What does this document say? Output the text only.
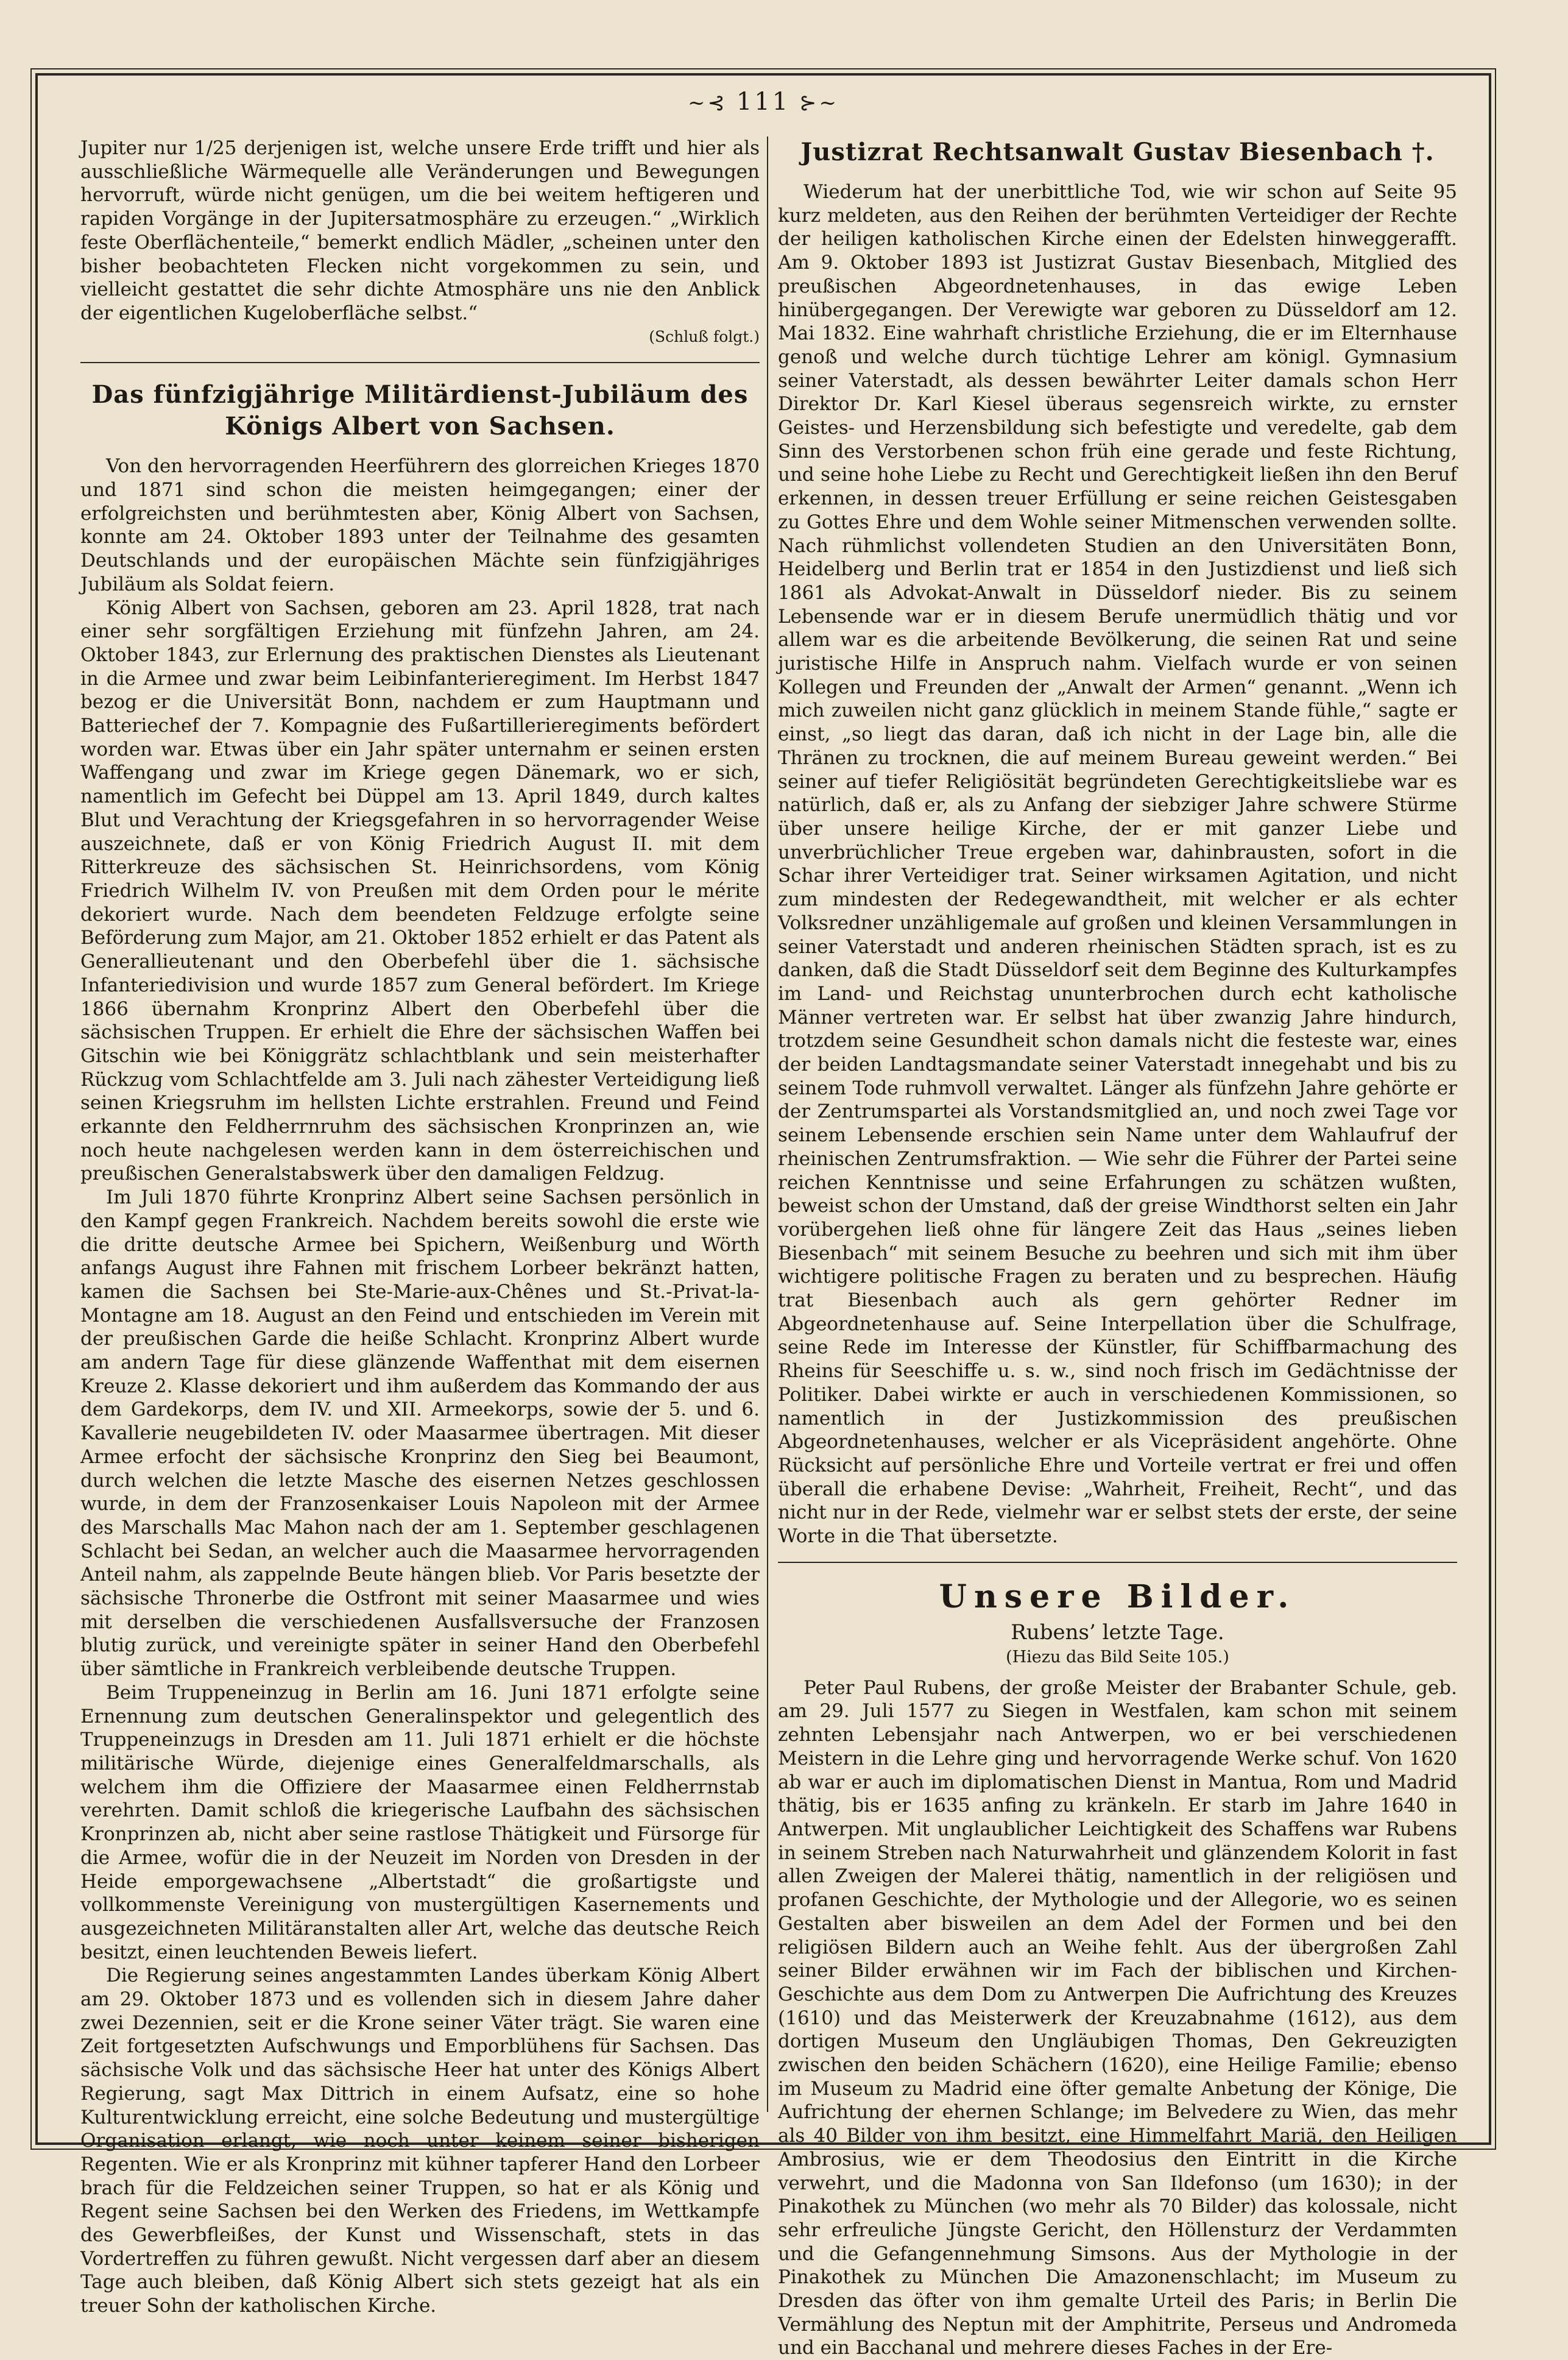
~⊰ 111 ⊱~

Jupiter nur 1/25 derjenigen ist, welche unsere Erde trifft und hier als ausschließliche Wärmequelle alle Veränderungen und Bewegungen hervorruft, würde nicht genügen, um die bei weitem heftigeren und rapiden Vorgänge in der Jupitersatmosphäre zu erzeugen.“ „Wirklich feste Oberflächenteile,“ bemerkt endlich Mädler, „scheinen unter den bisher beobachteten Flecken nicht vorgekommen zu sein, und vielleicht gestattet die sehr dichte Atmosphäre uns nie den Anblick der eigentlichen Kugeloberfläche selbst.“

(Schluß folgt.)
Das fünfzigjährige Militärdienst-Jubiläum des Königs Albert von Sachsen.

Von den hervorragenden Heerführern des glorreichen Krieges 1870 und 1871 sind schon die meisten heimgegangen; einer der erfolgreichsten und berühmtesten aber, König Albert von Sachsen, konnte am 24. Oktober 1893 unter der Teilnahme des gesamten Deutschlands und der europäischen Mächte sein fünfzigjähriges Jubiläum als Soldat feiern.

König Albert von Sachsen, geboren am 23. April 1828, trat nach einer sehr sorgfältigen Erziehung mit fünfzehn Jahren, am 24. Oktober 1843, zur Erlernung des praktischen Dienstes als Lieutenant in die Armee und zwar beim Leibinfanterieregiment. Im Herbst 1847 bezog er die Universität Bonn, nachdem er zum Hauptmann und Batteriechef der 7. Kompagnie des Fußartillerieregiments befördert worden war. Etwas über ein Jahr später unternahm er seinen ersten Waffengang und zwar im Kriege gegen Dänemark, wo er sich, namentlich im Gefecht bei Düppel am 13. April 1849, durch kaltes Blut und Verachtung der Kriegsgefahren in so hervorragender Weise auszeichnete, daß er von König Friedrich August II. mit dem Ritterkreuze des sächsischen St. Heinrichsordens, vom König Friedrich Wilhelm IV. von Preußen mit dem Orden pour le mérite dekoriert wurde. Nach dem beendeten Feldzuge erfolgte seine Beförderung zum Major, am 21. Oktober 1852 erhielt er das Patent als Generallieutenant und den Oberbefehl über die 1. sächsische Infanteriedivision und wurde 1857 zum General befördert. Im Kriege 1866 übernahm Kronprinz Albert den Oberbefehl über die sächsischen Truppen. Er erhielt die Ehre der sächsischen Waffen bei Gitschin wie bei Königgrätz schlachtblank und sein meisterhafter Rückzug vom Schlachtfelde am 3. Juli nach zähester Verteidigung ließ seinen Kriegsruhm im hellsten Lichte erstrahlen. Freund und Feind erkannte den Feldherrnruhm des sächsischen Kronprinzen an, wie noch heute nachgelesen werden kann in dem österreichischen und preußischen Generalstabswerk über den damaligen Feldzug.

Im Juli 1870 führte Kronprinz Albert seine Sachsen persönlich in den Kampf gegen Frankreich. Nachdem bereits sowohl die erste wie die dritte deutsche Armee bei Spichern, Weißenburg und Wörth anfangs August ihre Fahnen mit frischem Lorbeer bekränzt hatten, kamen die Sachsen bei Ste-Marie-aux-Chênes und St.-Privat-la-Montagne am 18. August an den Feind und entschieden im Verein mit der preußischen Garde die heiße Schlacht. Kronprinz Albert wurde am andern Tage für diese glänzende Waffenthat mit dem eisernen Kreuze 2. Klasse dekoriert und ihm außerdem das Kommando der aus dem Gardekorps, dem IV. und XII. Armeekorps, sowie der 5. und 6. Kavallerie neugebildeten IV. oder Maasarmee übertragen. Mit dieser Armee erfocht der sächsische Kronprinz den Sieg bei Beaumont, durch welchen die letzte Masche des eisernen Netzes geschlossen wurde, in dem der Franzosenkaiser Louis Napoleon mit der Armee des Marschalls Mac Mahon nach der am 1. September geschlagenen Schlacht bei Sedan, an welcher auch die Maasarmee hervorragenden Anteil nahm, als zappelnde Beute hängen blieb. Vor Paris besetzte der sächsische Thronerbe die Ostfront mit seiner Maasarmee und wies mit derselben die verschiedenen Ausfallsversuche der Franzosen blutig zurück, und vereinigte später in seiner Hand den Oberbefehl über sämtliche in Frankreich verbleibende deutsche Truppen.

Beim Truppeneinzug in Berlin am 16. Juni 1871 erfolgte seine Ernennung zum deutschen Generalinspektor und gelegentlich des Truppeneinzugs in Dresden am 11. Juli 1871 erhielt er die höchste militärische Würde, diejenige eines Generalfeldmarschalls, als welchem ihm die Offiziere der Maasarmee einen Feldherrnstab verehrten. Damit schloß die kriegerische Laufbahn des sächsischen Kronprinzen ab, nicht aber seine rastlose Thätigkeit und Fürsorge für die Armee, wofür die in der Neuzeit im Norden von Dresden in der Heide emporgewachsene „Albertstadt“ die großartigste und vollkommenste Vereinigung von mustergültigen Kasernements und ausgezeichneten Militäranstalten aller Art, welche das deutsche Reich besitzt, einen leuchtenden Beweis liefert.

Die Regierung seines angestammten Landes überkam König Albert am 29. Oktober 1873 und es vollenden sich in diesem Jahre daher zwei Dezennien, seit er die Krone seiner Väter trägt. Sie waren eine Zeit fortgesetzten Aufschwungs und Emporblühens für Sachsen. Das sächsische Volk und das sächsische Heer hat unter des Königs Albert Regierung, sagt Max Dittrich in einem Aufsatz, eine so hohe Kulturentwicklung erreicht, eine solche Bedeutung und mustergültige Organisation erlangt, wie noch unter keinem seiner bisherigen Regenten. Wie er als Kronprinz mit kühner tapferer Hand den Lorbeer brach für die Feldzeichen seiner Truppen, so hat er als König und Regent seine Sachsen bei den Werken des Friedens, im Wettkampfe des Gewerbfleißes, der Kunst und Wissenschaft, stets in das Vordertreffen zu führen gewußt. Nicht vergessen darf aber an diesem Tage auch bleiben, daß König Albert sich stets gezeigt hat als ein treuer Sohn der katholischen Kirche.

Justizrat Rechtsanwalt Gustav Biesenbach †.

Wiederum hat der unerbittliche Tod, wie wir schon auf Seite 95 kurz meldeten, aus den Reihen der berühmten Verteidiger der Rechte der heiligen katholischen Kirche einen der Edelsten hinweggerafft. Am 9. Oktober 1893 ist Justizrat Gustav Biesenbach, Mitglied des preußischen Abgeordnetenhauses, in das ewige Leben hinübergegangen. Der Verewigte war geboren zu Düsseldorf am 12. Mai 1832. Eine wahrhaft christliche Erziehung, die er im Elternhause genoß und welche durch tüchtige Lehrer am königl. Gymnasium seiner Vaterstadt, als dessen bewährter Leiter damals schon Herr Direktor Dr. Karl Kiesel überaus segensreich wirkte, zu ernster Geistes- und Herzensbildung sich befestigte und veredelte, gab dem Sinn des Verstorbenen schon früh eine gerade und feste Richtung, und seine hohe Liebe zu Recht und Gerechtigkeit ließen ihn den Beruf erkennen, in dessen treuer Erfüllung er seine reichen Geistesgaben zu Gottes Ehre und dem Wohle seiner Mitmenschen verwenden sollte. Nach rühmlichst vollendeten Studien an den Universitäten Bonn, Heidelberg und Berlin trat er 1854 in den Justizdienst und ließ sich 1861 als Advokat-Anwalt in Düsseldorf nieder. Bis zu seinem Lebensende war er in diesem Berufe unermüdlich thätig und vor allem war es die arbeitende Bevölkerung, die seinen Rat und seine juristische Hilfe in Anspruch nahm. Vielfach wurde er von seinen Kollegen und Freunden der „Anwalt der Armen“ genannt. „Wenn ich mich zuweilen nicht ganz glücklich in meinem Stande fühle,“ sagte er einst, „so liegt das daran, daß ich nicht in der Lage bin, alle die Thränen zu trocknen, die auf meinem Bureau geweint werden.“ Bei seiner auf tiefer Religiösität begründeten Gerechtigkeitsliebe war es natürlich, daß er, als zu Anfang der siebziger Jahre schwere Stürme über unsere heilige Kirche, der er mit ganzer Liebe und unverbrüchlicher Treue ergeben war, dahinbrausten, sofort in die Schar ihrer Verteidiger trat. Seiner wirksamen Agitation, und nicht zum mindesten der Redegewandtheit, mit welcher er als echter Volksredner unzähligemale auf großen und kleinen Versammlungen in seiner Vaterstadt und anderen rheinischen Städten sprach, ist es zu danken, daß die Stadt Düsseldorf seit dem Beginne des Kulturkampfes im Land- und Reichstag ununterbrochen durch echt katholische Männer vertreten war. Er selbst hat über zwanzig Jahre hindurch, trotzdem seine Gesundheit schon damals nicht die festeste war, eines der beiden Landtagsmandate seiner Vaterstadt innegehabt und bis zu seinem Tode ruhmvoll verwaltet. Länger als fünfzehn Jahre gehörte er der Zentrumspartei als Vorstandsmitglied an, und noch zwei Tage vor seinem Lebensende erschien sein Name unter dem Wahlaufruf der rheinischen Zentrumsfraktion. — Wie sehr die Führer der Partei seine reichen Kenntnisse und seine Erfahrungen zu schätzen wußten, beweist schon der Umstand, daß der greise Windthorst selten ein Jahr vorübergehen ließ ohne für längere Zeit das Haus „seines lieben Biesenbach“ mit seinem Besuche zu beehren und sich mit ihm über wichtigere politische Fragen zu beraten und zu besprechen. Häufig trat Biesenbach auch als gern gehörter Redner im Abgeordnetenhause auf. Seine Interpellation über die Schulfrage, seine Rede im Interesse der Künstler, für Schiffbarmachung des Rheins für Seeschiffe u. s. w., sind noch frisch im Gedächtnisse der Politiker. Dabei wirkte er auch in verschiedenen Kommissionen, so namentlich in der Justizkommission des preußischen Abgeordnetenhauses, welcher er als Vicepräsident angehörte. Ohne Rücksicht auf persönliche Ehre und Vorteile vertrat er frei und offen überall die erhabene Devise: „Wahrheit, Freiheit, Recht“, und das nicht nur in der Rede, vielmehr war er selbst stets der erste, der seine Worte in die That übersetzte.

Unsere Bilder.
Rubens’ letzte Tage.
(Hiezu das Bild Seite 105.)

Peter Paul Rubens, der große Meister der Brabanter Schule, geb. am 29. Juli 1577 zu Siegen in Westfalen, kam schon mit seinem zehnten Lebensjahr nach Antwerpen, wo er bei verschiedenen Meistern in die Lehre ging und hervorragende Werke schuf. Von 1620 ab war er auch im diplomatischen Dienst in Mantua, Rom und Madrid thätig, bis er 1635 anfing zu kränkeln. Er starb im Jahre 1640 in Antwerpen. Mit unglaublicher Leichtigkeit des Schaffens war Rubens in seinem Streben nach Naturwahrheit und glänzendem Kolorit in fast allen Zweigen der Malerei thätig, namentlich in der religiösen und profanen Geschichte, der Mythologie und der Allegorie, wo es seinen Gestalten aber bisweilen an dem Adel der Formen und bei den religiösen Bildern auch an Weihe fehlt. Aus der übergroßen Zahl seiner Bilder erwähnen wir im Fach der biblischen und Kirchen-Geschichte aus dem Dom zu Antwerpen Die Aufrichtung des Kreuzes (1610) und das Meisterwerk der Kreuzabnahme (1612), aus dem dortigen Museum den Ungläubigen Thomas, Den Gekreuzigten zwischen den beiden Schächern (1620), eine Heilige Familie; ebenso im Museum zu Madrid eine öfter gemalte Anbetung der Könige, Die Aufrichtung der ehernen Schlange; im Belvedere zu Wien, das mehr als 40 Bilder von ihm besitzt, eine Himmelfahrt Mariä, den Heiligen Ambrosius, wie er dem Theodosius den Eintritt in die Kirche verwehrt, und die Madonna von San Ildefonso (um 1630); in der Pinakothek zu München (wo mehr als 70 Bilder) das kolossale, nicht sehr erfreuliche Jüngste Gericht, den Höllensturz der Verdammten und die Gefangennehmung Simsons. Aus der Mythologie in der Pinakothek zu München Die Amazonenschlacht; im Museum zu Dresden das öfter von ihm gemalte Urteil des Paris; in Berlin Die Vermählung des Neptun mit der Amphitrite, Perseus und Andromeda und ein Bacchanal und mehrere dieses Faches in der Ere-
